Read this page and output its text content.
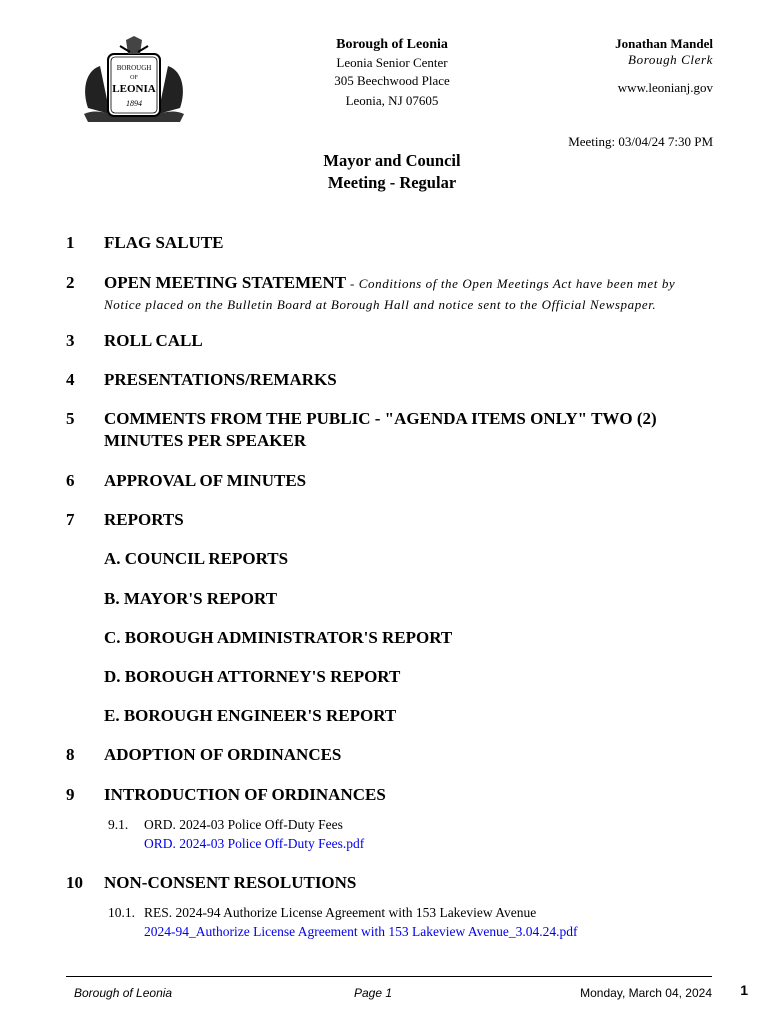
BOROUGH
OF
LEONIA
1894
Borough of Leonia
Leonia Senior Center
305 Beechwood Place
Leonia, NJ 07605
Jonathan Mandel
Borough Clerk
www.leonianj.gov
Meeting: 03/04/24 7:30 PM
Mayor and Council
Meeting - Regular
1 FLAG SALUTE
2 OPEN MEETING STATEMENT - Conditions of the Open Meetings Act have been met by
Notice placed on the Bulletin Board at Borough Hall and notice sent to the Official Newspaper.
3 ROLL CALL
4 PRESENTATIONS/REMARKS
5 COMMENTS FROM THE PUBLIC - "AGENDA ITEMS ONLY" TWO (2)
MINUTES PER SPEAKER
6 APPROVAL OF MINUTES
7 REPORTS
A. COUNCIL REPORTS
B. MAYOR'S REPORT
C. BOROUGH ADMINISTRATOR'S REPORT
D. BOROUGH ATTORNEY'S REPORT
E. BOROUGH ENGINEER'S REPORT
8 ADOPTION OF ORDINANCES
9 INTRODUCTION OF ORDINANCES
9.1. ORD. 2024-03 Police Off-Duty Fees
ORD. 2024-03 Police Off-Duty Fees.pdf
10 NON-CONSENT RESOLUTIONS
10.1. RES. 2024-94 Authorize License Agreement with 153 Lakeview Avenue
2024-94_Authorize License Agreement with 153 Lakeview Avenue_3.04.24.pdf
Borough of Leonia	Page 1	Monday, March 04, 2024 1
